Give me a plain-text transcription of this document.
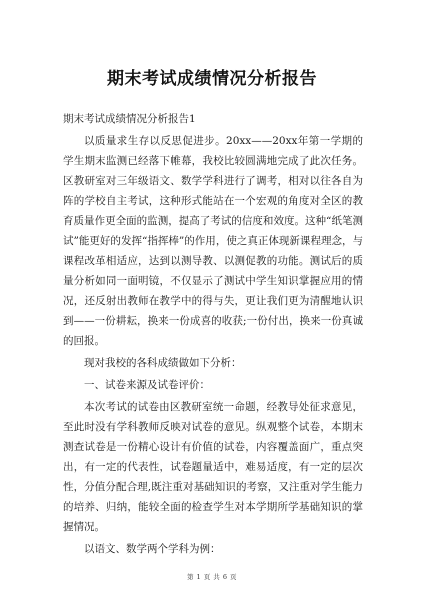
期末考试成绩情况分析报告
期末考试成绩情况分析报告1

以质量求生存以反思促进步。20xx——20xx年第一学期的学生期末监测已经落下帷幕，我校比较圆满地完成了此次任务。区教研室对三年级语文、数学学科进行了调考，相对以往各自为阵的学校自主考试，这种形式能站在一个宏观的角度对全区的教育质量作更全面的监测，提高了考试的信度和效度。这种“纸笔测试”能更好的发挥“指挥棒”的作用，使之真正体现新课程理念，与课程改革相适应，达到以测导教、以测促教的功能。测试后的质量分析如同一面明镜，不仅显示了测试中学生知识掌握应用的情况，还反射出教师在教学中的得与失，更让我们更为清醒地认识到——一份耕耘，换来一份成喜的收获;一份付出，换来一份真诚的回报。

现对我校的各科成绩做如下分析：

一、试卷来源及试卷评价：

本次考试的试卷由区教研室统一命题，经教导处征求意见，至此时没有学科教师反映对试卷的意见。纵观整个试卷，本期末测查试卷是一份精心设计有价值的试卷，内容覆盖面广，重点突出，有一定的代表性，试卷题量适中，难易适度，有一定的层次性，分值分配合理,既注重对基础知识的考察，又注重对学生能力的培养、归纳，能较全面的检查学生对本学期所学基础知识的掌握情况。

以语文、数学两个学科为例：

第 1 页 共 6 页
